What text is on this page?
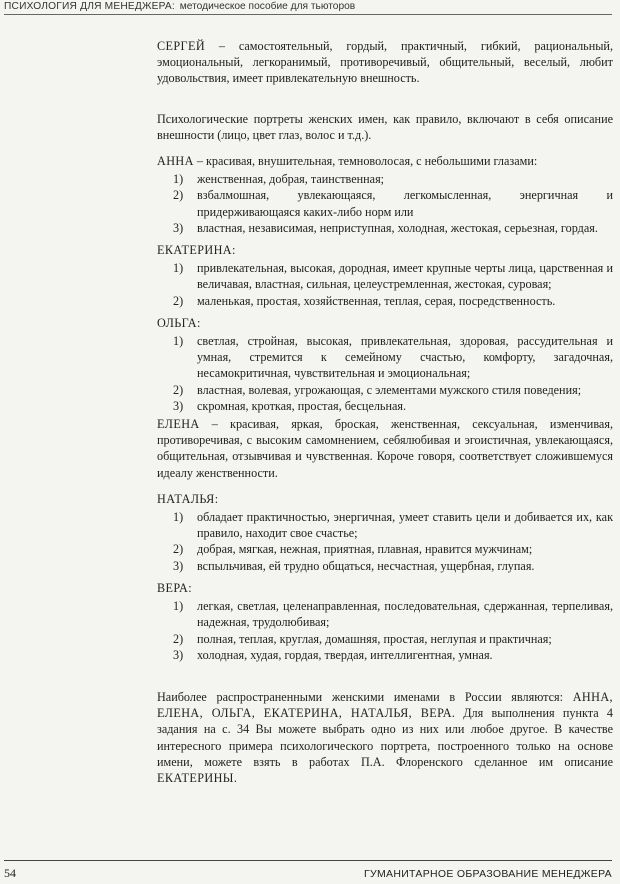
ПСИХОЛОГИЯ ДЛЯ МЕНЕДЖЕРА: методическое пособие для тьюторов

СЕРГЕЙ – самостоятельный, гордый, практичный, гибкий, рациональный, эмоциональный, легкоранимый, противоречивый, общительный, веселый, любит удовольствия, имеет привлекательную внешность.

Психологические портреты женских имен, как правило, включают в себя описание внешности (лицо, цвет глаз, волос и т.д.).

АННА – красивая, внушительная, темноволосая, с небольшими глазами:

1) женственная, добрая, таинственная;
2) взбалмошная, увлекающаяся, легкомысленная, энергичная и придерживающаяся каких-либо норм или
3) властная, независимая, неприступная, холодная, жестокая, серьезная, гордая.

ЕКАТЕРИНА:

1) привлекательная, высокая, дородная, имеет крупные черты лица, царственная и величавая, властная, сильная, целеустремленная, жестокая, суровая;
2) маленькая, простая, хозяйственная, теплая, серая, посредственность.

ОЛЬГА:

1) светлая, стройная, высокая, привлекательная, здоровая, рассудительная и умная, стремится к семейному счастью, комфорту, загадочная, несамокритичная, чувствительная и эмоциональная;
2) властная, волевая, угрожающая, с элементами мужского стиля поведения;
3) скромная, кроткая, простая, бесцельная.

ЕЛЕНА – красивая, яркая, броская, женственная, сексуальная, изменчивая, противоречивая, с высоким самомнением, себялюбивая и эгоистичная, увлекающаяся, общительная, отзывчивая и чувственная. Короче говоря, соответствует сложившемуся идеалу женственности.

НАТАЛЬЯ:

1) обладает практичностью, энергичная, умеет ставить цели и добивается их, как правило, находит свое счастье;
2) добрая, мягкая, нежная, приятная, плавная, нравится мужчинам;
3) вспыльчивая, ей трудно общаться, несчастная, ущербная, глупая.

ВЕРА:

1) легкая, светлая, целенаправленная, последовательная, сдержанная, терпеливая, надежная, трудолюбивая;
2) полная, теплая, круглая, домашняя, простая, неглупая и практичная;
3) холодная, худая, гордая, твердая, интеллигентная, умная.

Наиболее распространенными женскими именами в России являются: АННА, ЕЛЕНА, ОЛЬГА, ЕКАТЕРИНА, НАТАЛЬЯ, ВЕРА. Для выполнения пункта 4 задания на с. 34 Вы можете выбрать одно из них или любое другое. В качестве интересного примера психологического портрета, построенного только на основе имени, можете взять в работах П.А. Флоренского сделанное им описание ЕКАТЕРИНЫ.

54	ГУМАНИТАРНОЕ ОБРАЗОВАНИЕ МЕНЕДЖЕРА
